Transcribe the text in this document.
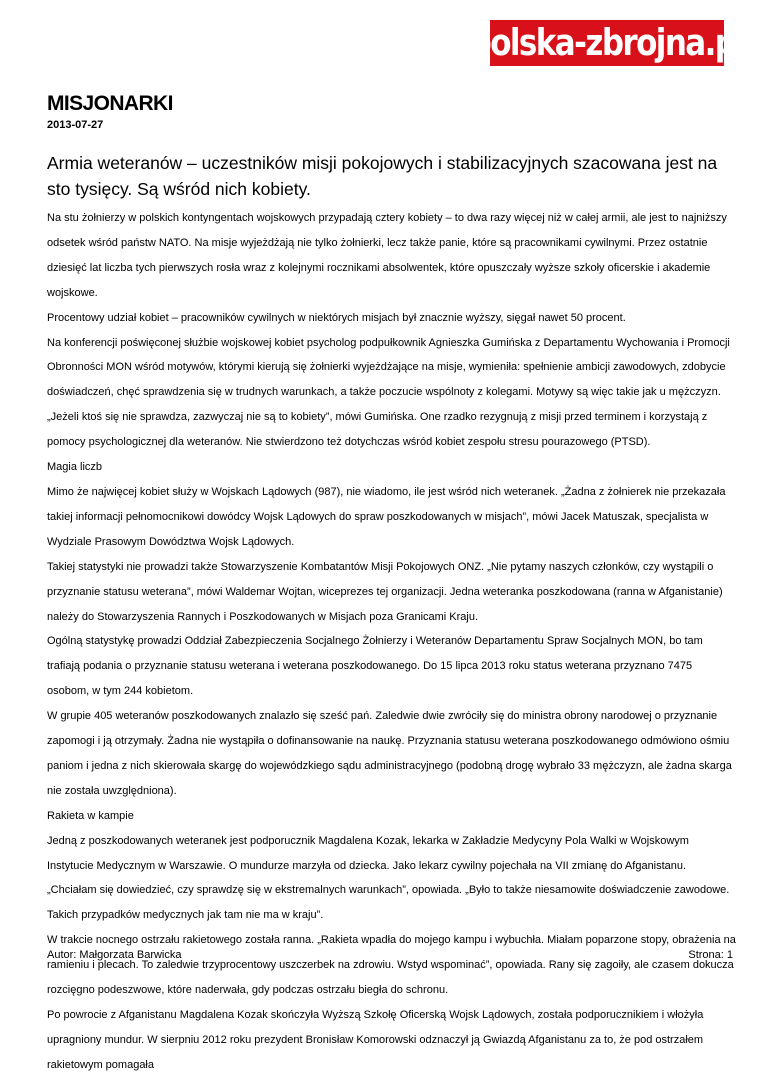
polska-zbrojna.pl
MISJONARKI
2013-07-27
Armia weteranów – uczestników misji pokojowych i stabilizacyjnych szacowana jest na sto tysięcy. Są wśród nich kobiety.

Na stu żołnierzy w polskich kontyngentach wojskowych przypadają cztery kobiety – to dwa razy więcej niż w całej armii, ale jest to najniższy odsetek wśród państw NATO. Na misje wyjeżdżają nie tylko żołnierki, lecz także panie, które są pracownikami cywilnymi. Przez ostatnie dziesięć lat liczba tych pierwszych rosła wraz z kolejnymi rocznikami absolwentek, które opuszczały wyższe szkoły oficerskie i akademie wojskowe.

Procentowy udział kobiet – pracowników cywilnych w niektórych misjach był znacznie wyższy, sięgał nawet 50 procent.

Na konferencji poświęconej służbie wojskowej kobiet psycholog podpułkownik Agnieszka Gumińska z Departamentu Wychowania i Promocji Obronności MON wśród motywów, którymi kierują się żołnierki wyjeżdżające na misje, wymieniła: spełnienie ambicji zawodowych, zdobycie doświadczeń, chęć sprawdzenia się w trudnych warunkach, a także poczucie wspólnoty z kolegami. Motywy są więc takie jak u mężczyzn.

„Jeżeli ktoś się nie sprawdza, zazwyczaj nie są to kobiety”, mówi Gumińska. One rzadko rezygnują z misji przed terminem i korzystają z pomocy psychologicznej dla weteranów. Nie stwierdzono też dotychczas wśród kobiet zespołu stresu pourazowego (PTSD).

Magia liczb

Mimo że najwięcej kobiet służy w Wojskach Lądowych (987), nie wiadomo, ile jest wśród nich weteranek. „Żadna z żołnierek nie przekazała takiej informacji pełnomocnikowi dowódcy Wojsk Lądowych do spraw poszkodowanych w misjach”, mówi Jacek Matuszak, specjalista w Wydziale Prasowym Dowództwa Wojsk Lądowych.

Takiej statystyki nie prowadzi także Stowarzyszenie Kombatantów Misji Pokojowych ONZ. „Nie pytamy naszych członków, czy wystąpili o przyznanie statusu weterana”, mówi Waldemar Wojtan, wiceprezes tej organizacji. Jedna weteranka poszkodowana (ranna w Afganistanie) należy do Stowarzyszenia Rannych i Poszkodowanych w Misjach poza Granicami Kraju.

Ogólną statystykę prowadzi Oddział Zabezpieczenia Socjalnego Żołnierzy i Weteranów Departamentu Spraw Socjalnych MON, bo tam trafiają podania o przyznanie statusu weterana i weterana poszkodowanego. Do 15 lipca 2013 roku status weterana przyznano 7475 osobom, w tym 244 kobietom.

W grupie 405 weteranów poszkodowanych znalazło się sześć pań. Zaledwie dwie zwróciły się do ministra obrony narodowej o przyznanie zapomogi i ją otrzymały. Żadna nie wystąpiła o dofinansowanie na naukę. Przyznania statusu weterana poszkodowanego odmówiono ośmiu paniom i jedna z nich skierowała skargę do wojewódzkiego sądu administracyjnego (podobną drogę wybrało 33 mężczyzn, ale żadna skarga nie została uwzględniona).

Rakieta w kampie

Jedną z poszkodowanych weteranek jest podporucznik Magdalena Kozak, lekarka w Zakładzie Medycyny Pola Walki w Wojskowym Instytucie Medycznym w Warszawie. O mundurze marzyła od dziecka. Jako lekarz cywilny pojechała na VII zmianę do Afganistanu. „Chciałam się dowiedzieć, czy sprawdzę się w ekstremalnych warunkach”, opowiada. „Było to także niesamowite doświadczenie zawodowe. Takich przypadków medycznych jak tam nie ma w kraju”.

W trakcie nocnego ostrzału rakietowego została ranna. „Rakieta wpadła do mojego kampu i wybuchła. Miałam poparzone stopy, obrażenia na ramieniu i plecach. To zaledwie trzyprocentowy uszczerbek na zdrowiu. Wstyd wspominać”, opowiada. Rany się zagoiły, ale czasem dokucza rozcięgno podeszwowe, które naderwała, gdy podczas ostrzału biegła do schronu.

Po powrocie z Afganistanu Magdalena Kozak skończyła Wyższą Szkołę Oficerską Wojsk Lądowych, została podporucznikiem i włożyła upragniony mundur. W sierpniu 2012 roku prezydent Bronisław Komorowski odznaczył ją Gwiazdą Afganistanu za to, że pod ostrzałem rakietowym pomagała

Autor: Małgorzata Barwicka	Strona: 1
